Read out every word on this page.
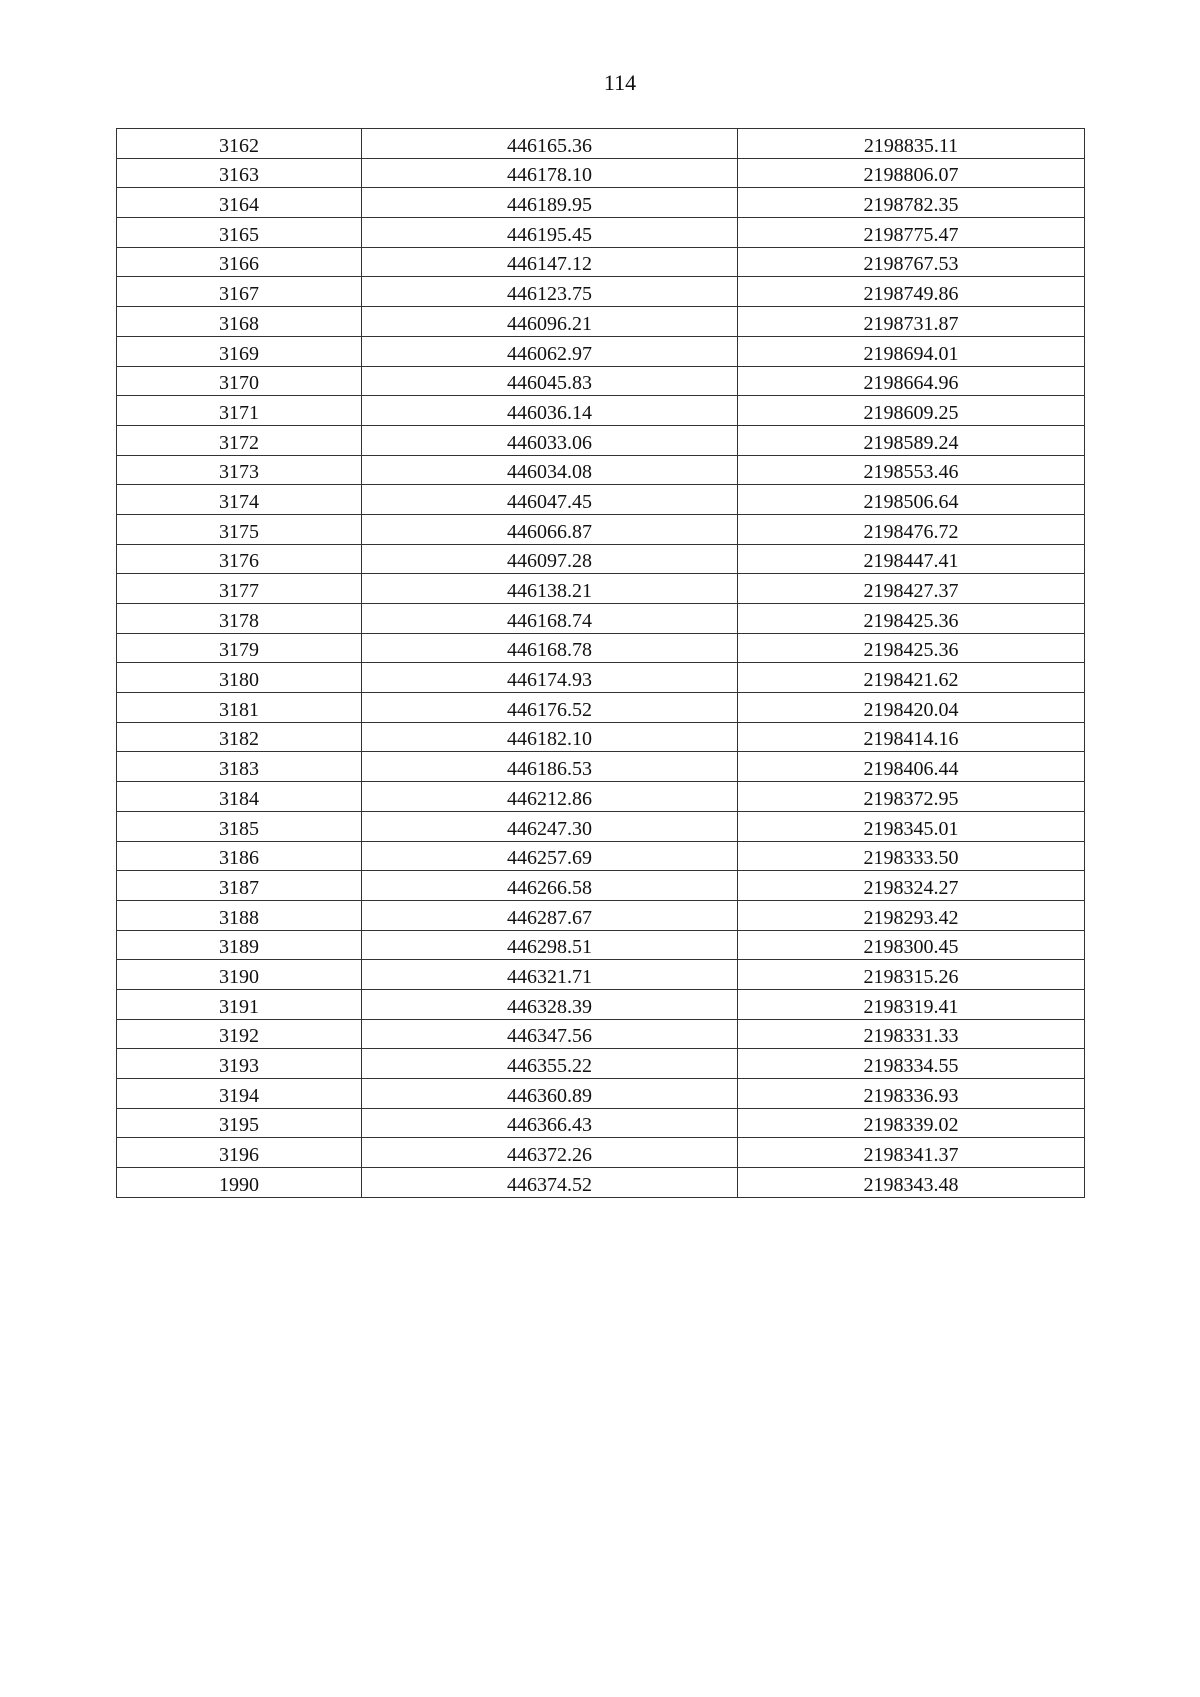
114
3162	446165.36	2198835.11
3163	446178.10	2198806.07
3164	446189.95	2198782.35
3165	446195.45	2198775.47
3166	446147.12	2198767.53
3167	446123.75	2198749.86
3168	446096.21	2198731.87
3169	446062.97	2198694.01
3170	446045.83	2198664.96
3171	446036.14	2198609.25
3172	446033.06	2198589.24
3173	446034.08	2198553.46
3174	446047.45	2198506.64
3175	446066.87	2198476.72
3176	446097.28	2198447.41
3177	446138.21	2198427.37
3178	446168.74	2198425.36
3179	446168.78	2198425.36
3180	446174.93	2198421.62
3181	446176.52	2198420.04
3182	446182.10	2198414.16
3183	446186.53	2198406.44
3184	446212.86	2198372.95
3185	446247.30	2198345.01
3186	446257.69	2198333.50
3187	446266.58	2198324.27
3188	446287.67	2198293.42
3189	446298.51	2198300.45
3190	446321.71	2198315.26
3191	446328.39	2198319.41
3192	446347.56	2198331.33
3193	446355.22	2198334.55
3194	446360.89	2198336.93
3195	446366.43	2198339.02
3196	446372.26	2198341.37
1990	446374.52	2198343.48
